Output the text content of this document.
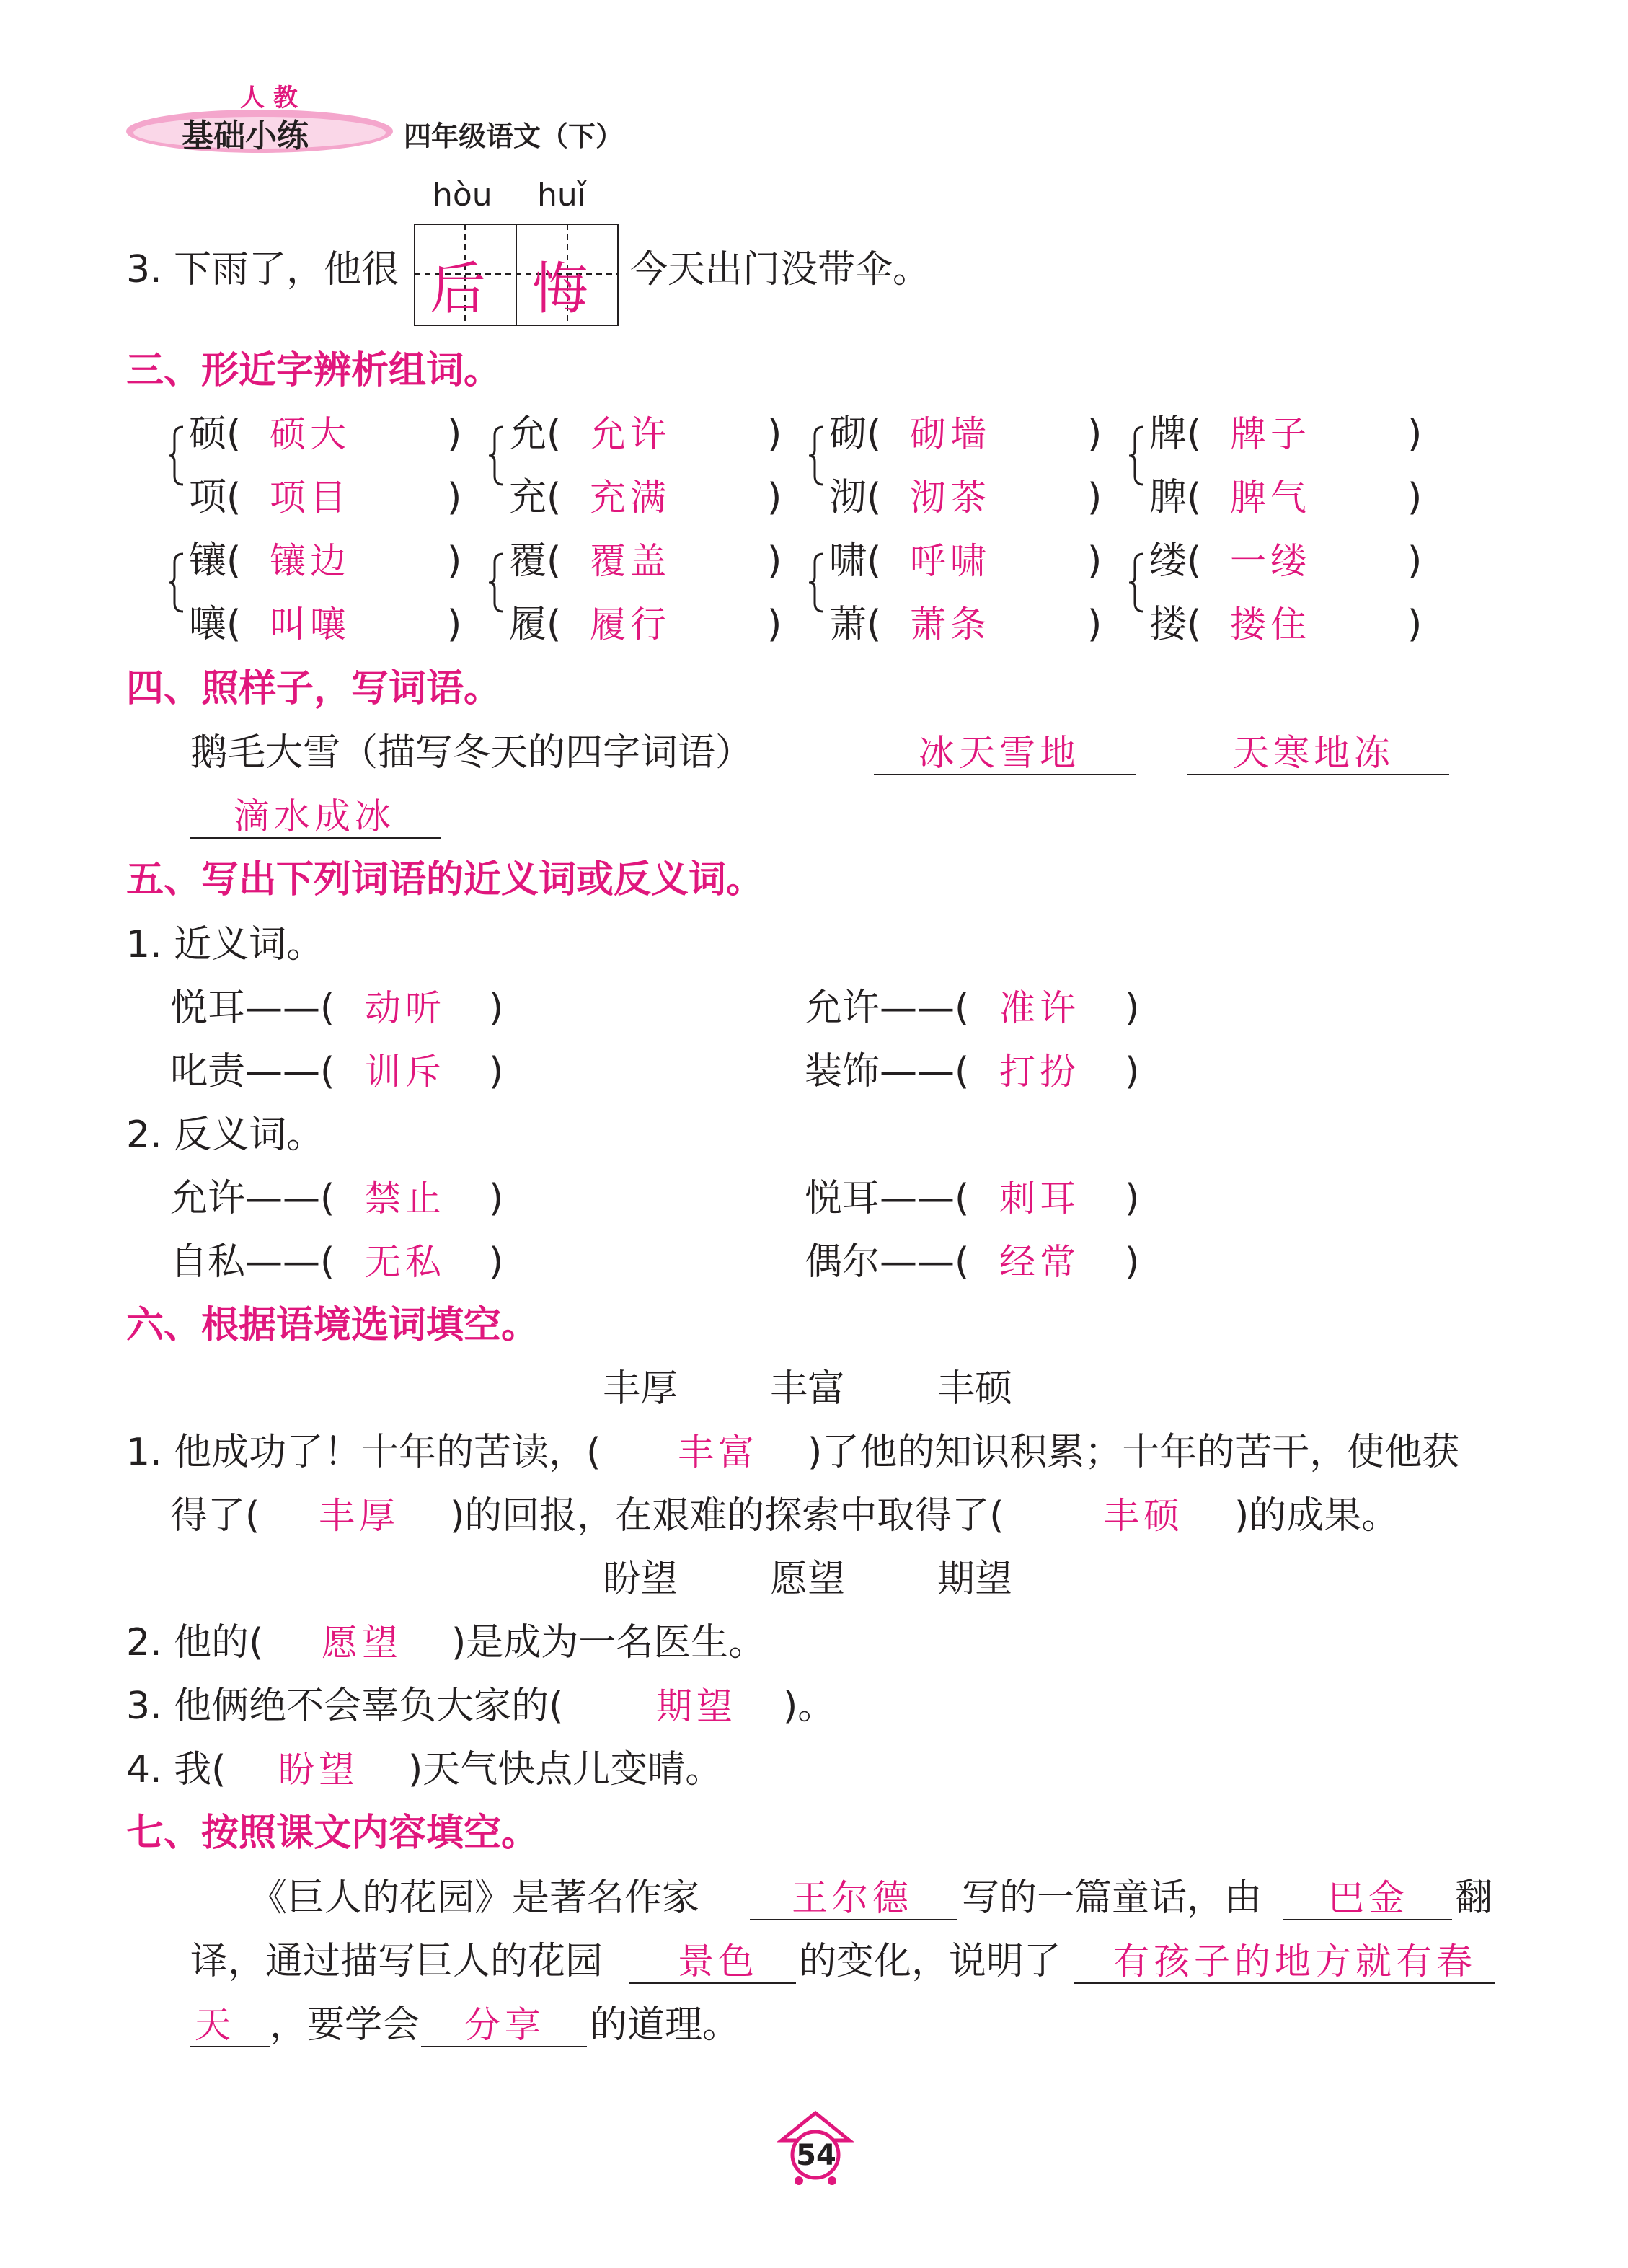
人 教
基础小练	四年级语文（下）
3. 下雨了，他很
hòu huǐ
后 悔 今天出门没带伞。
三、形近字辨析组词。
硕 ( 硕大	)
项 ( 项目	)
允 ( 允许	)
充 ( 充满	)
砌 ( 砌墙	)
沏 ( 沏茶	)
牌 ( 牌子	)
脾 ( 脾气	)
镶 ( 镶边	)
嚷 ( 叫嚷	)
覆 ( 覆盖	)
履 ( 履行	)
啸 ( 呼啸	)
萧 ( 萧条	)
缕 ( 一缕	)
搂 ( 搂住	)
四、照样子，写词语。
鹅毛大雪（描写冬天的四字词语）	冰天雪地	天寒地冻
滴水成冰
五、写出下列词语的近义词或反义词。
1. 近义词。
悦耳——( 动听 )	允许——( 准许 )
叱责——( 训斥 )	装饰——( 打扮 )
2. 反义词。
允许——( 禁止 )	悦耳——( 刺耳 )
自私——( 无私 )	偶尔——( 经常 )
六、根据语境选词填空。
丰厚 丰富 丰硕
1. 他成功了！十年的苦读，( 丰富 )了他的知识积累；十年的苦干，使他获
得了( 丰厚 )的回报，在艰难的探索中取得了(	丰硕 )的成果。
盼望 愿望 期望
2. 他的( 愿望 )是成为一名医生。
3. 他俩绝不会辜负大家的(	期望 )。
4. 我( 盼望 )天气快点儿变晴。
七、按照课文内容填空。
《巨人的花园》是著名作家	王尔德 写的一篇童话，由 巴金 翻
译，通过描写巨人的花园 景色 的变化，说明了 有孩子的地方就有春
天 ，要学会 分享 的道理。
54
